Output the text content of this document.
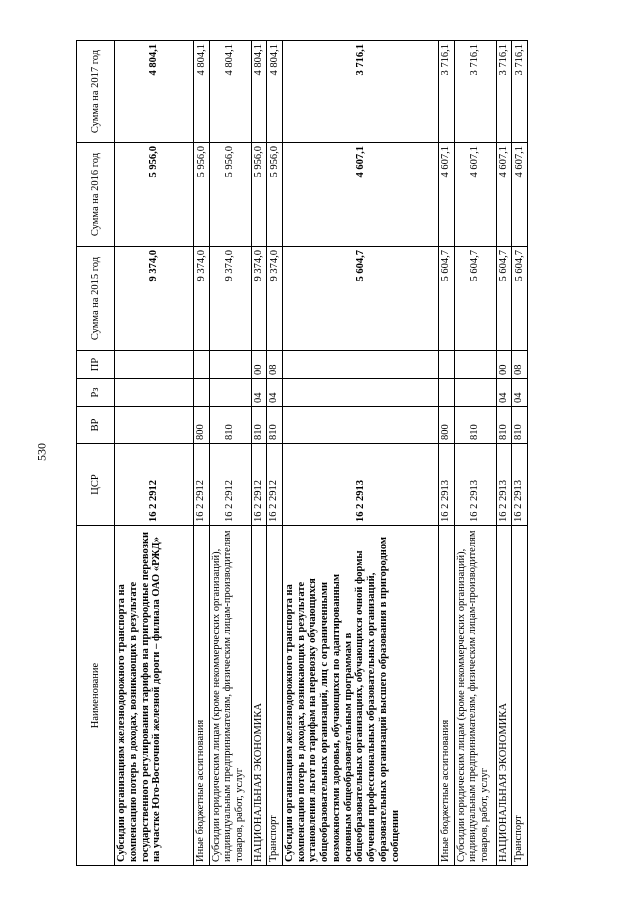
530
Наименование	ЦСР	ВР	Рз	ПР	Сумма на 2015 год	Сумма на 2016 год	Сумма на 2017 год
Субсидии организациям железнодорожного транспорта на компенсацию потерь в доходах, возникающих в результате государственного регулирования тарифов на пригородные перевозки на участке Юго-Восточной железной дороги – филиала ОАО «РЖД»	16 2 2912				9 374,0	5 956,0	4 804,1
Иные бюджетные ассигнования	16 2 2912	800			9 374,0	5 956,0	4 804,1
Субсидии юридическим лицам (кроме некоммерческих организаций), индивидуальным предпринимателям, физическим лицам-производителям товаров, работ, услуг	16 2 2912	810			9 374,0	5 956,0	4 804,1
НАЦИОНАЛЬНАЯ ЭКОНОМИКА	16 2 2912	810	04	00	9 374,0	5 956,0	4 804,1
Транспорт	16 2 2912	810	04	08	9 374,0	5 956,0	4 804,1
Субсидии организациям железнодорожного транспорта на компенсацию потерь в доходах, возникающих в результате установления льгот по тарифам на перевозку обучающихся общеобразовательных организаций, лиц с ограниченными возможностями здоровья, обучающихся по адаптированным основным общеобразовательным программам в общеобразовательных организациях, обучающихся очной формы обучения профессиональных образовательных организаций, образовательных организаций высшего образования в пригородном сообщении	16 2 2913				5 604,7	4 607,1	3 716,1
Иные бюджетные ассигнования	16 2 2913	800			5 604,7	4 607,1	3 716,1
Субсидии юридическим лицам (кроме некоммерческих организаций), индивидуальным предпринимателям, физическим лицам-производителям товаров, работ, услуг	16 2 2913	810			5 604,7	4 607,1	3 716,1
НАЦИОНАЛЬНАЯ ЭКОНОМИКА	16 2 2913	810	04	00	5 604,7	4 607,1	3 716,1
Транспорт	16 2 2913	810	04	08	5 604,7	4 607,1	3 716,1
